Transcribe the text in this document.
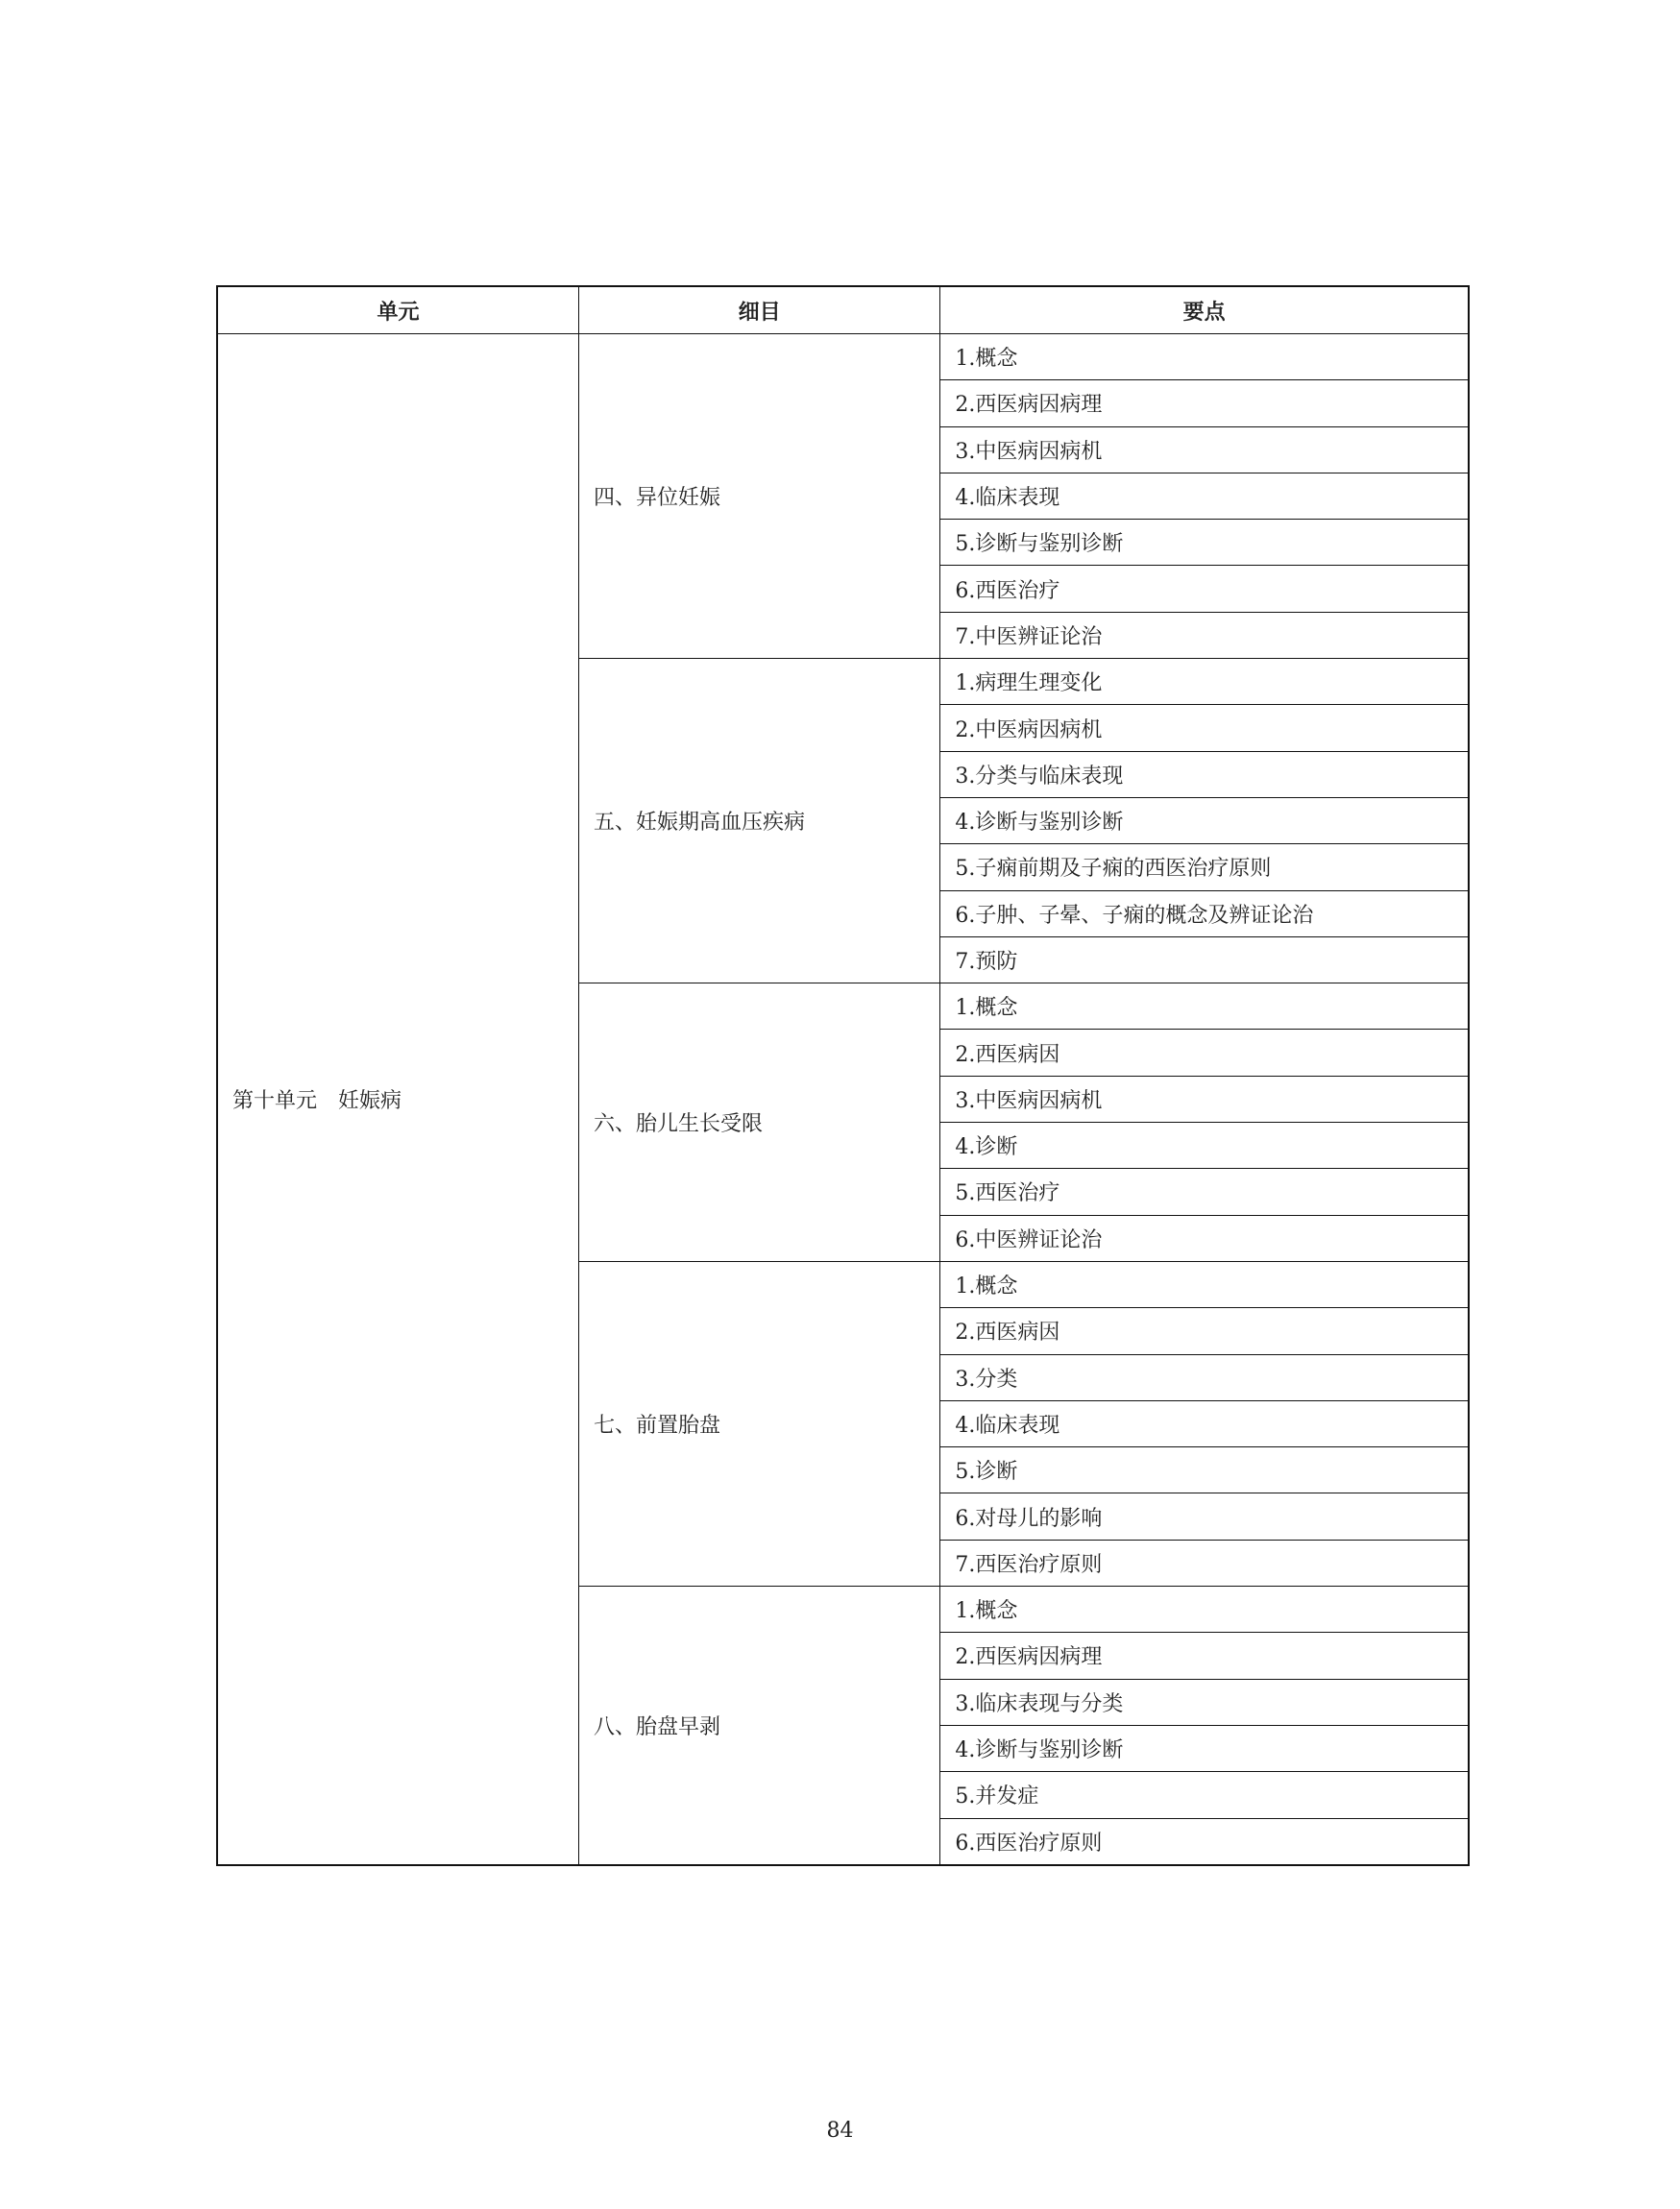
单元	细目	要点
第十单元　妊娠病	四、异位妊娠	1.概念
		2.西医病因病理
		3.中医病因病机
		4.临床表现
		5.诊断与鉴别诊断
		6.西医治疗
		7.中医辨证论治
	五、妊娠期高血压疾病	1.病理生理变化
		2.中医病因病机
		3.分类与临床表现
		4.诊断与鉴别诊断
		5.子痫前期及子痫的西医治疗原则
		6.子肿、子晕、子痫的概念及辨证论治
		7.预防
	六、胎儿生长受限	1.概念
		2.西医病因
		3.中医病因病机
		4.诊断
		5.西医治疗
		6.中医辨证论治
	七、前置胎盘	1.概念
		2.西医病因
		3.分类
		4.临床表现
		5.诊断
		6.对母儿的影响
		7.西医治疗原则
	八、胎盘早剥	1.概念
		2.西医病因病理
		3.临床表现与分类
		4.诊断与鉴别诊断
		5.并发症
		6.西医治疗原则
84
